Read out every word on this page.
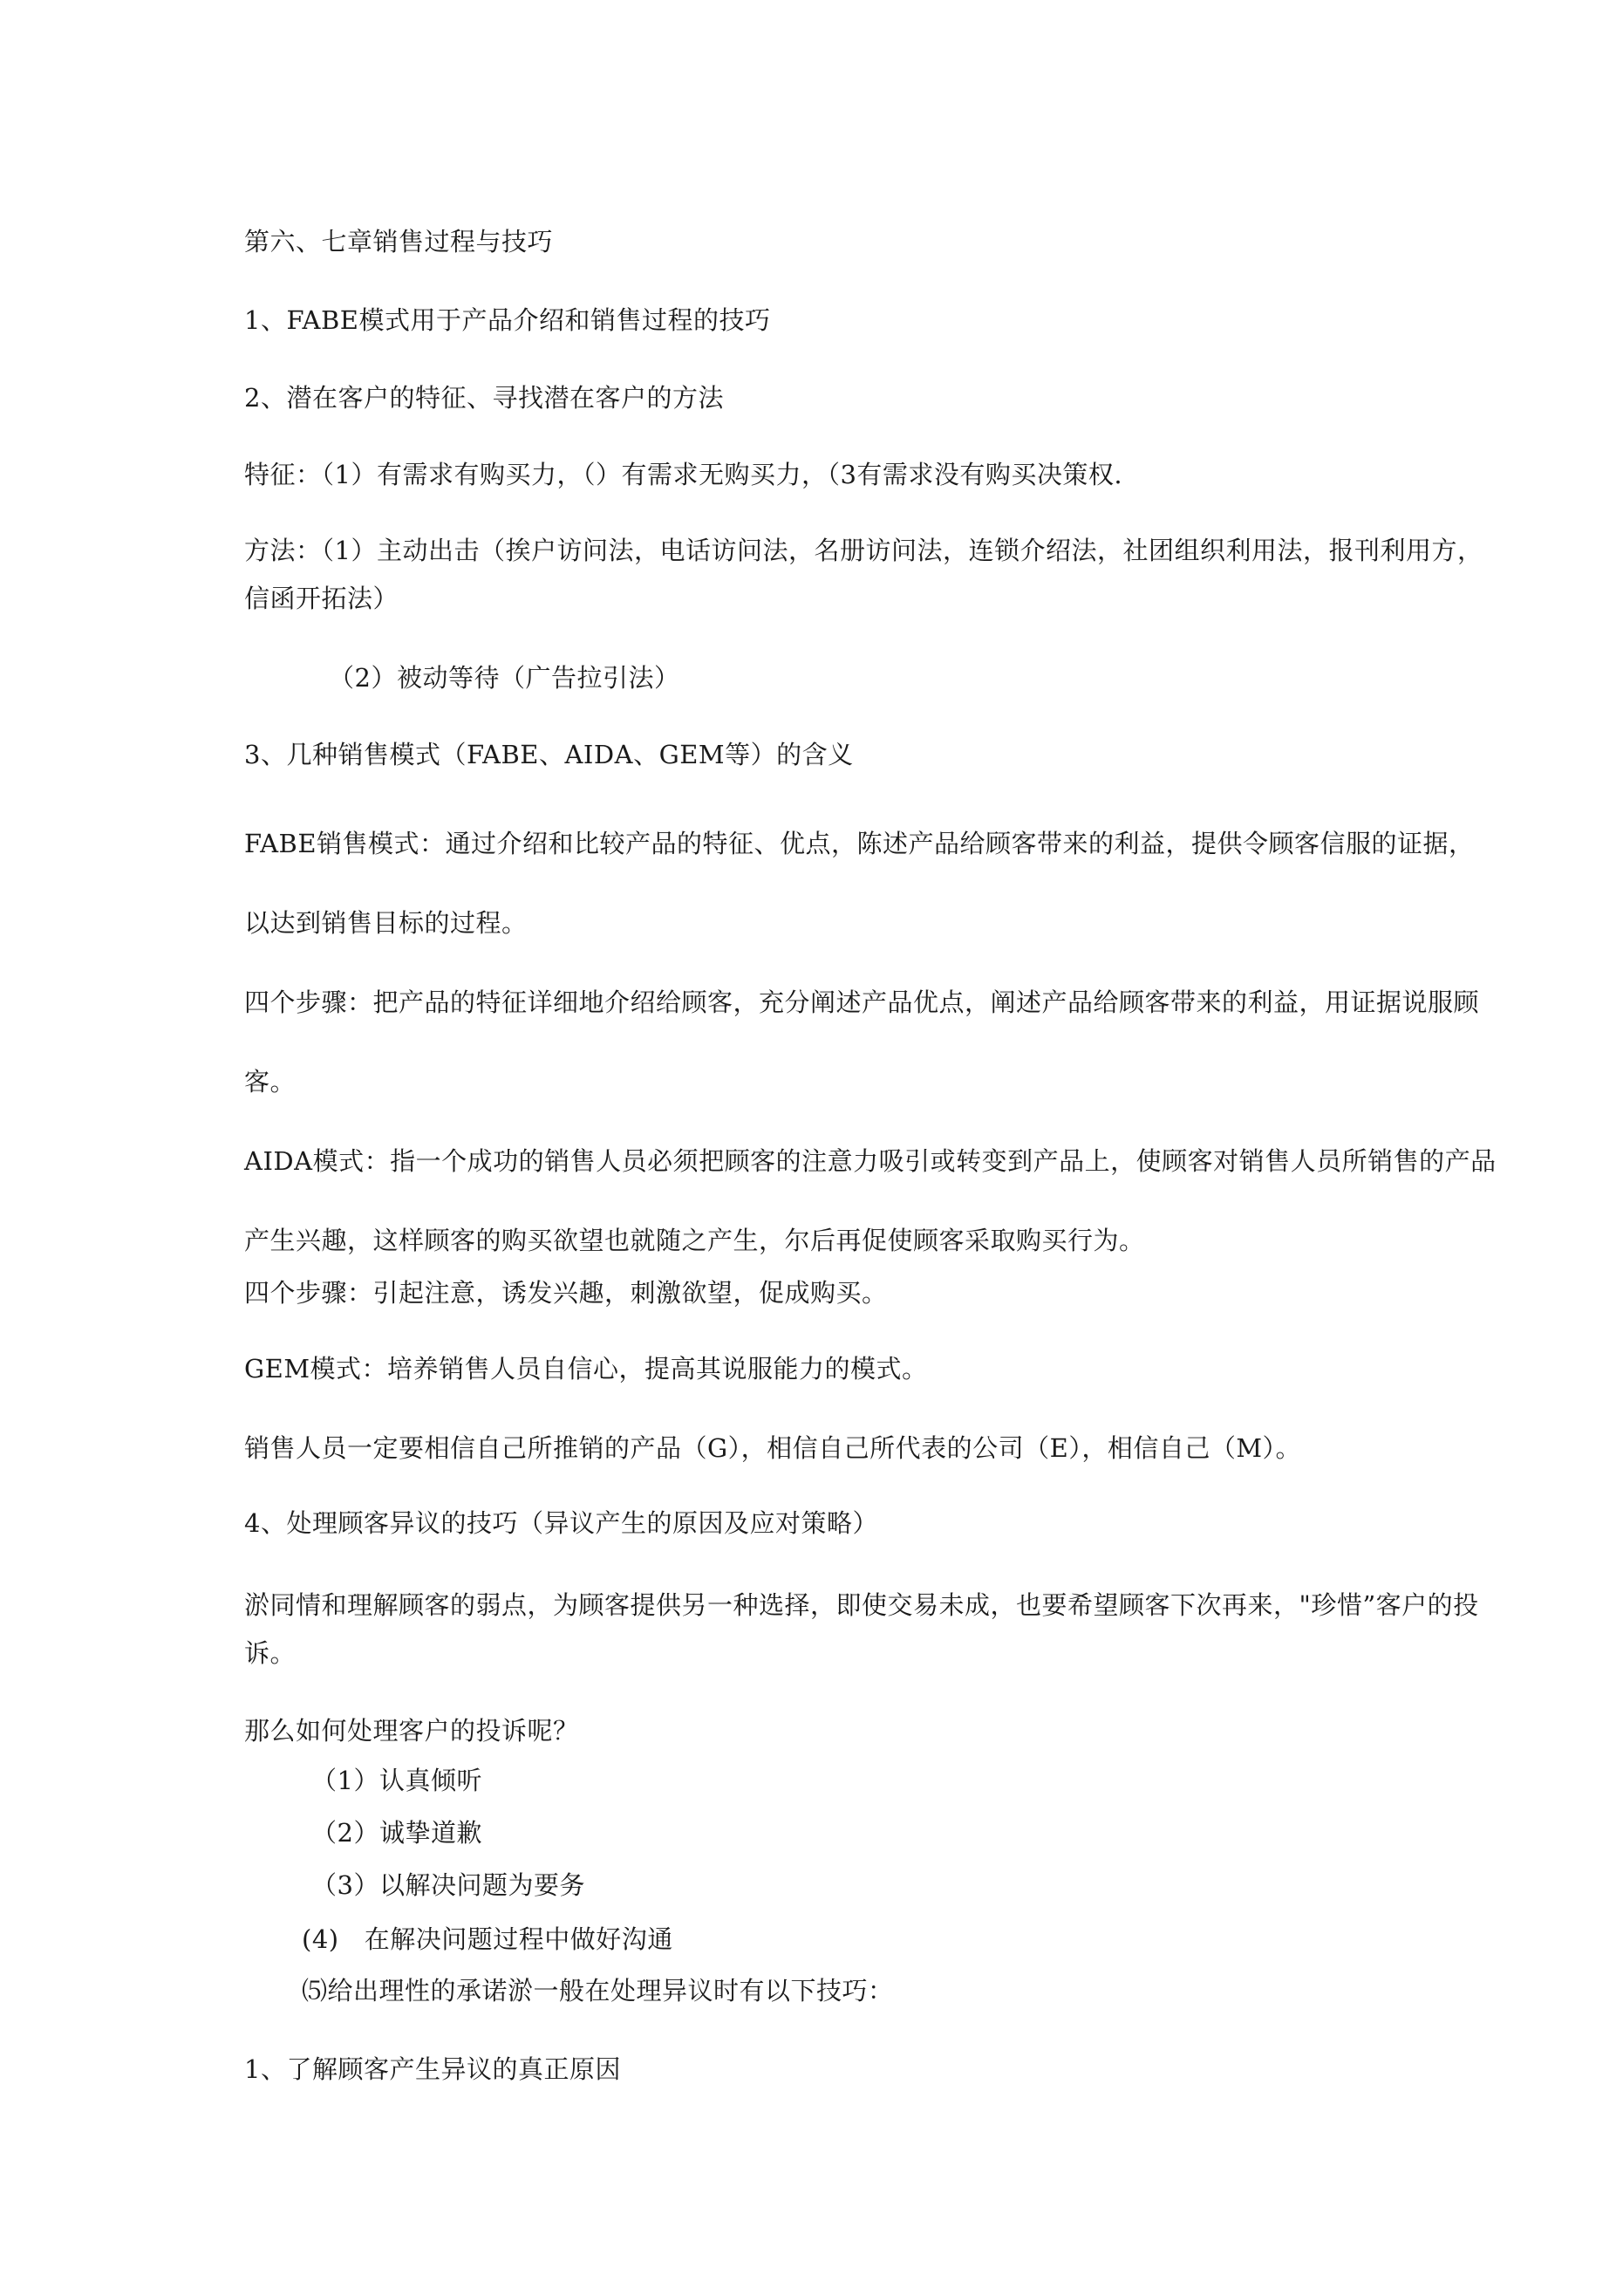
第六、七章销售过程与技巧
1、FABE模式用于产品介绍和销售过程的技巧
2、潜在客户的特征、寻找潜在客户的方法
特征：（1）有需求有购买力，（）有需求无购买力，（3有需求没有购买决策权.
方法：（1）主动出击（挨户访问法，电话访问法，名册访问法，连锁介绍法，社团组织利用法，报刊利用方，信函开拓法）
（2）被动等待（广告拉引法）
3、几种销售模式（FABE、AIDA、GEM等）的含义
FABE销售模式：通过介绍和比较产品的特征、优点，陈述产品给顾客带来的利益，提供令顾客信服的证据，以达到销售目标的过程。
四个步骤：把产品的特征详细地介绍给顾客，充分阐述产品优点，阐述产品给顾客带来的利益，用证据说服顾客。
AIDA模式：指一个成功的销售人员必须把顾客的注意力吸引或转变到产品上，使顾客对销售人员所销售的产品产生兴趣，这样顾客的购买欲望也就随之产生，尔后再促使顾客采取购买行为。
四个步骤：引起注意，诱发兴趣，刺激欲望，促成购买。
GEM模式：培养销售人员自信心，提高其说服能力的模式。
销售人员一定要相信自己所推销的产品（G），相信自己所代表的公司（E），相信自己（M）。
4、处理顾客异议的技巧（异议产生的原因及应对策略）
淤同情和理解顾客的弱点，为顾客提供另一种选择，即使交易未成，也要希望顾客下次再来，"珍惜”客户的投诉。
那么如何处理客户的投诉呢？
（1）认真倾听
（2）诚挚道歉
（3）以解决问题为要务
(4)   在解决问题过程中做好沟通
⑸给出理性的承诺淤一般在处理异议时有以下技巧：
1、了解顾客产生异议的真正原因
